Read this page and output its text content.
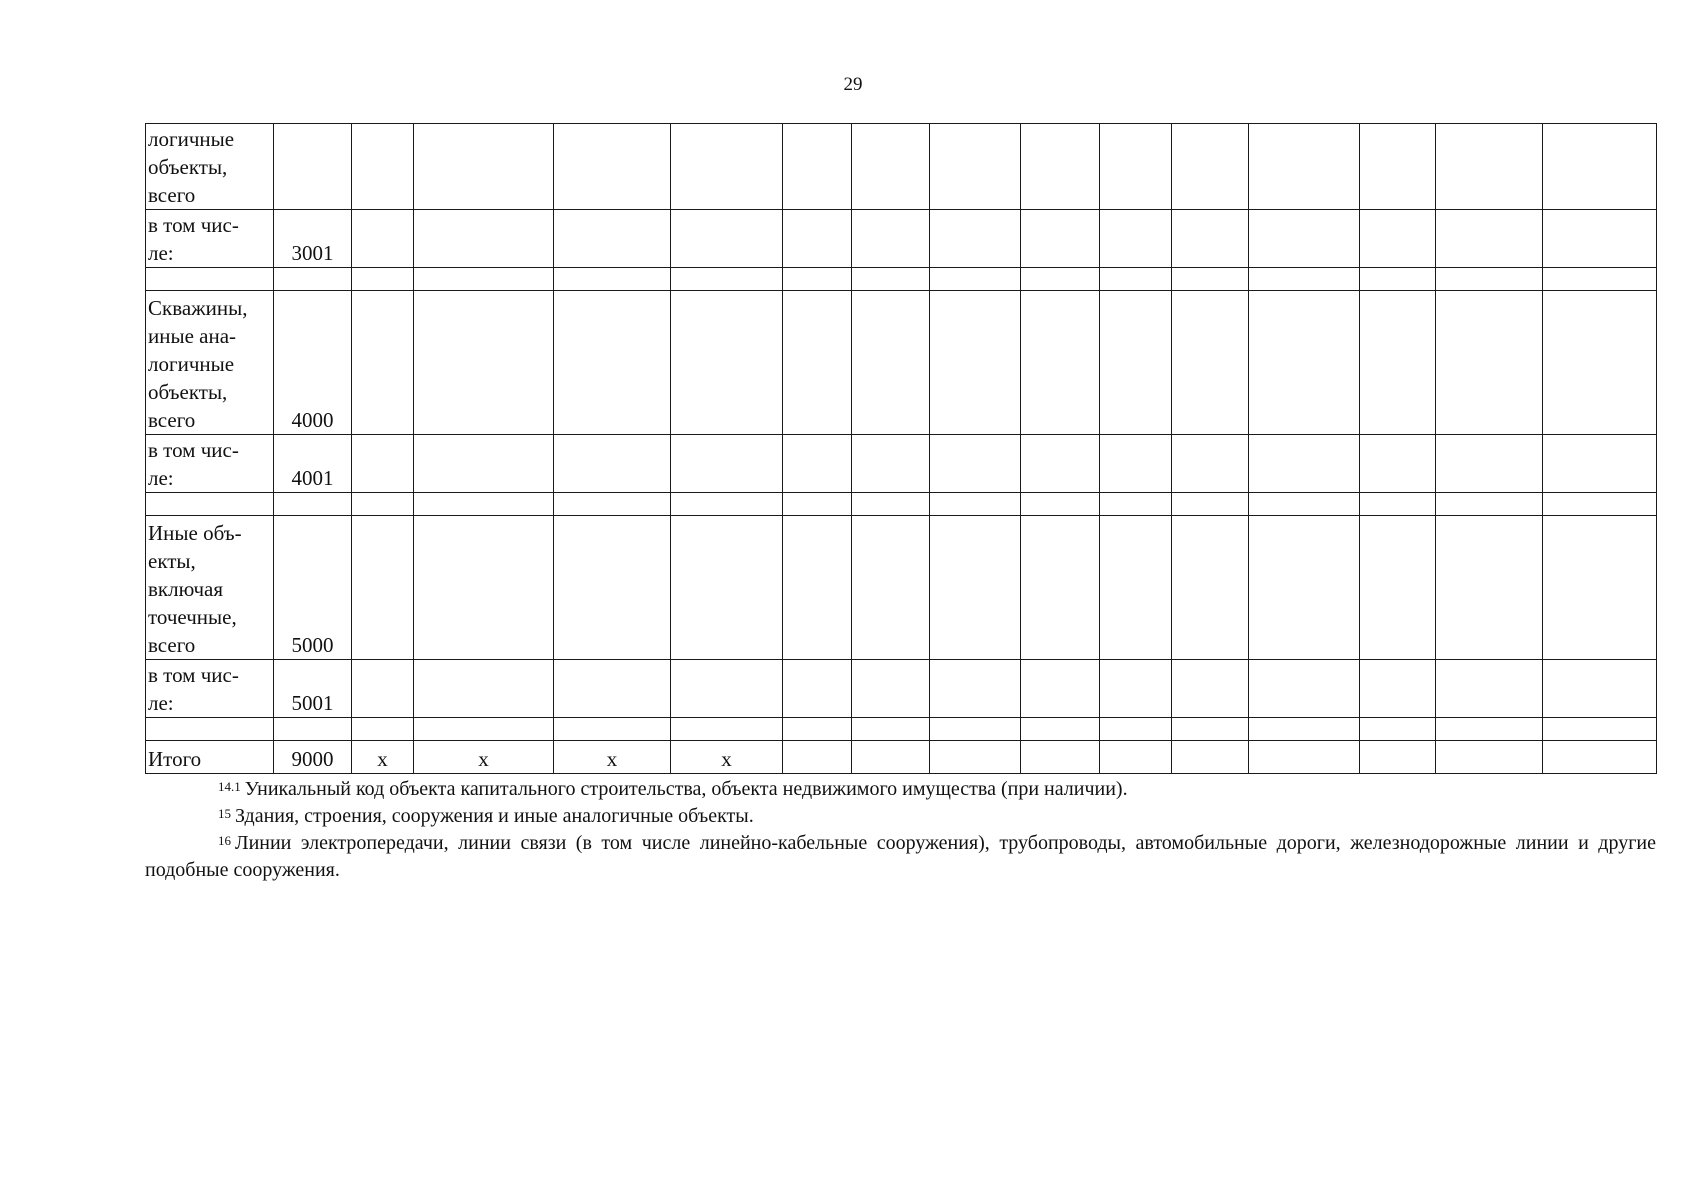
29
логичные
объекты,
всего															
в том чис-
ле:	3001														

Скважины,
иные ана-
логичные
объекты,
всего	4000														
в том чис-
ле:	4001														

Иные объ-
екты,
включая
точечные,
всего	5000														
в том чис-
ле:	5001														

Итого	9000	x	x	x	x										
$^{14.1}$ Уникальный код объекта капитального строительства, объекта недвижимого имущества (при наличии).
$^{15}$ Здания, строения, сооружения и иные аналогичные объекты.
$^{16}$ Линии электропередачи, линии связи (в том числе линейно-кабельные сооружения), трубопроводы, автомобильные дороги, железнодорожные линии и другие подобные сооружения.
